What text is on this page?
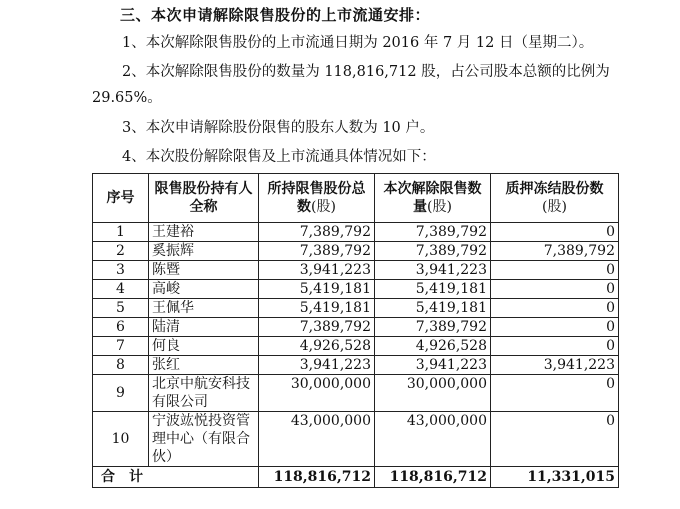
三、本次申请解除限售股份的上市流通安排：
1、本次解除限售股份的上市流通日期为 2016 年 7 月 12 日（星期二）。
2、本次解除限售股份的数量为 118,816,712 股，占公司股本总额的比例为
29.65%。
3、本次申请解除股份限售的股东人数为 10 户。
4、本次股份解除限售及上市流通具体情况如下：
序号	限售股份持有人全称	所持限售股份总数(股)	本次解除限售数量(股)	质押冻结股份数
(股)
1	王建裕	7,389,792	7,389,792	0
2	奚振辉	7,389,792	7,389,792	7,389,792
3	陈暨	3,941,223	3,941,223	0
4	高峻	5,419,181	5,419,181	0
5	王佩华	5,419,181	5,419,181	0
6	陆清	7,389,792	7,389,792	0
7	何良	4,926,528	4,926,528	0
8	张红	3,941,223	3,941,223	3,941,223
9	北京中航安科技有限公司	30,000,000	30,000,000	0
10	宁波竑悦投资管理中心（有限合伙）	43,000,000	43,000,000	0
合计		118,816,712	118,816,712	11,331,015
